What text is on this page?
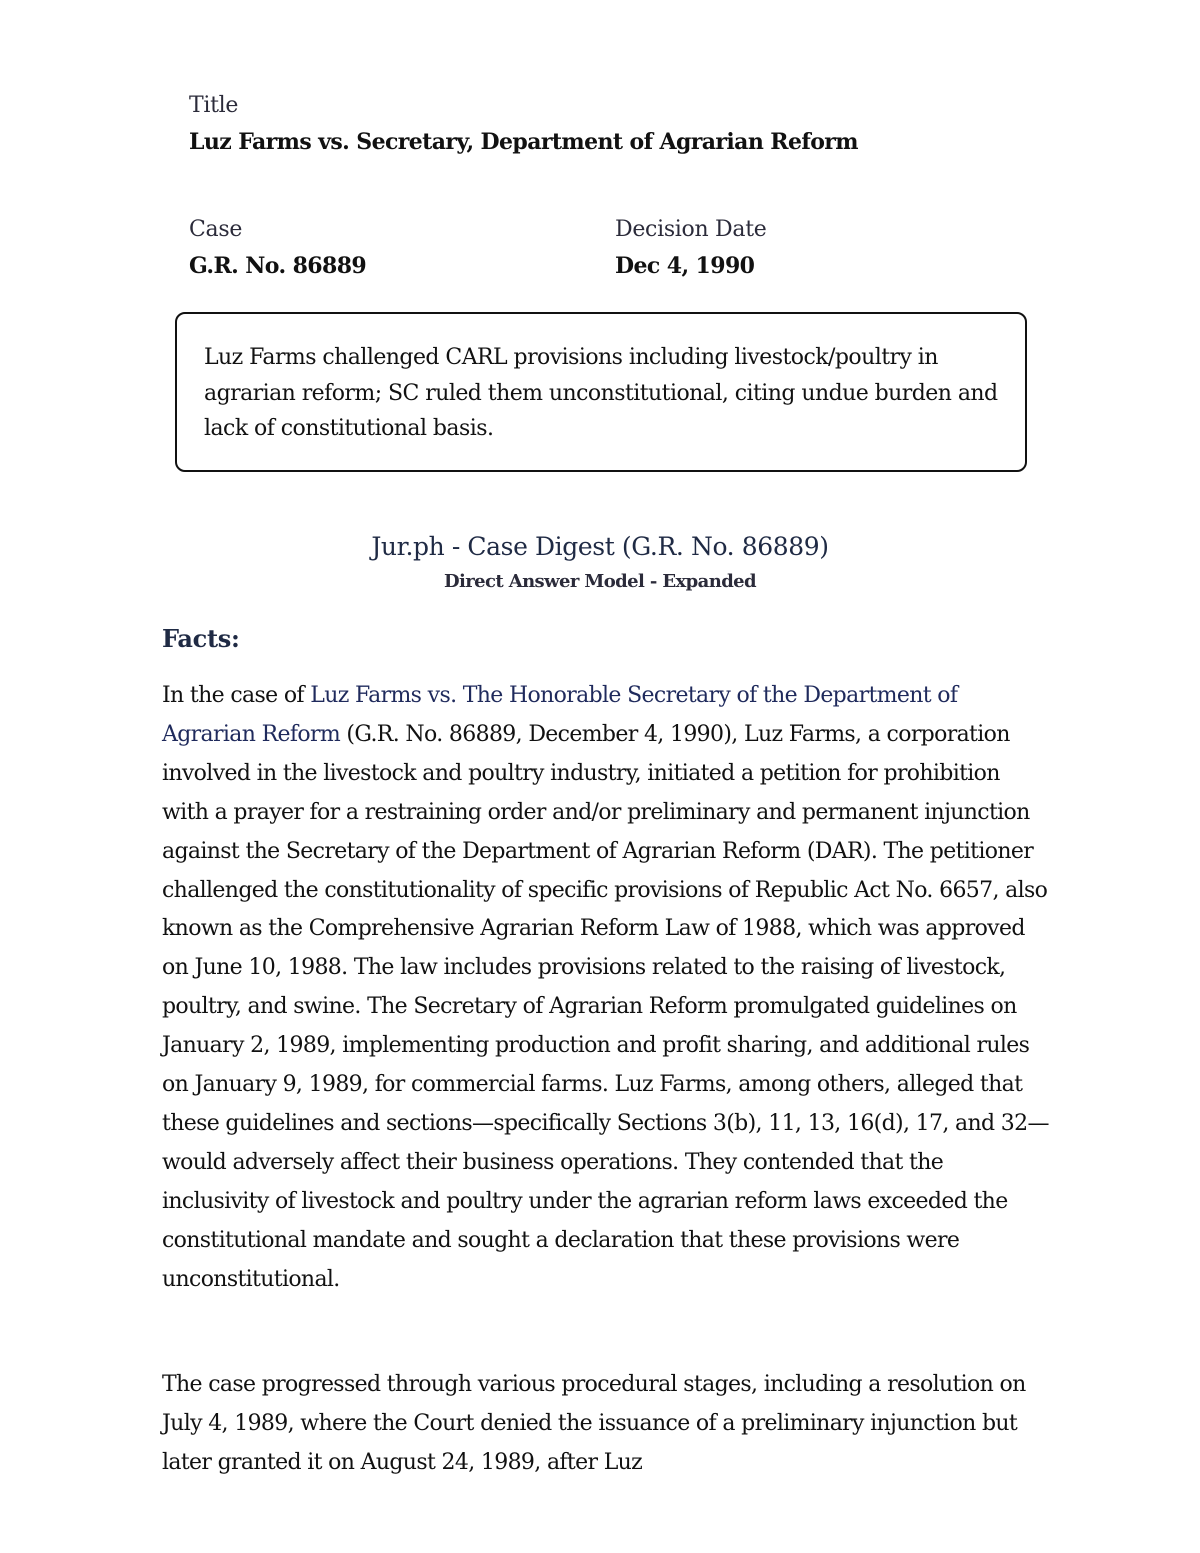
Title
Luz Farms vs. Secretary, Department of Agrarian Reform
Case
G.R. No. 86889
Decision Date
Dec 4, 1990
Luz Farms challenged CARL provisions including livestock/poultry in agrarian reform; SC ruled them unconstitutional, citing undue burden and lack of constitutional basis.
Jur.ph - Case Digest (G.R. No. 86889)
Direct Answer Model - Expanded
Facts:

In the case of Luz Farms vs. The Honorable Secretary of the Department of Agrarian Reform (G.R. No. 86889, December 4, 1990), Luz Farms, a corporation involved in the livestock and poultry industry, initiated a petition for prohibition with a prayer for a restraining order and/or preliminary and permanent injunction against the Secretary of the Department of Agrarian Reform (DAR). The petitioner challenged the constitutionality of specific provisions of Republic Act No. 6657, also known as the Comprehensive Agrarian Reform Law of 1988, which was approved on June 10, 1988. The law includes provisions related to the raising of livestock, poultry, and swine. The Secretary of Agrarian Reform promulgated guidelines on January 2, 1989, implementing production and profit sharing, and additional rules on January 9, 1989, for commercial farms. Luz Farms, among others, alleged that these guidelines and sections—specifically Sections 3(b), 11, 13, 16(d), 17, and 32—would adversely affect their business operations. They contended that the inclusivity of livestock and poultry under the agrarian reform laws exceeded the constitutional mandate and sought a declaration that these provisions were unconstitutional.

The case progressed through various procedural stages, including a resolution on July 4, 1989, where the Court denied the issuance of a preliminary injunction but later granted it on August 24, 1989, after Luz
